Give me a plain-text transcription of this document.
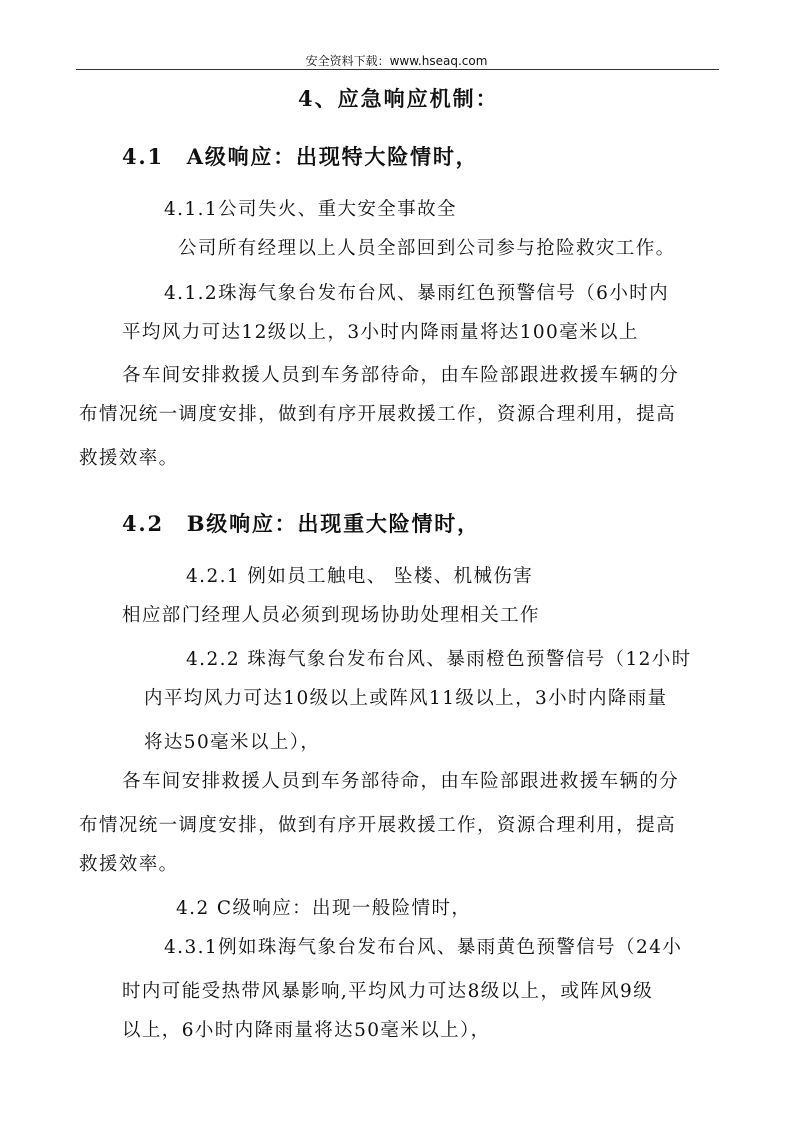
安全资料下载：www.hseaq.com
4、应急响应机制：
4.1　A级响应：出现特大险情时，
4.1.1公司失火、重大安全事故全
公司所有经理以上人员全部回到公司参与抢险救灾工作。
4.1.2珠海气象台发布台风、暴雨红色预警信号（6小时内
平均风力可达12级以上，3小时内降雨量将达100毫米以上
各车间安排救援人员到车务部待命，由车险部跟进救援车辆的分
布情况统一调度安排，做到有序开展救援工作，资源合理利用，提高
救援效率。
4.2　B级响应：出现重大险情时，
4.2.1 例如员工触电、 坠楼、机械伤害
相应部门经理人员必须到现场协助处理相关工作
4.2.2 珠海气象台发布台风、暴雨橙色预警信号（12小时
内平均风力可达10级以上或阵风11级以上，3小时内降雨量
将达50毫米以上），
各车间安排救援人员到车务部待命，由车险部跟进救援车辆的分
布情况统一调度安排，做到有序开展救援工作，资源合理利用，提高
救援效率。
4.2 C级响应：出现一般险情时，
4.3.1例如珠海气象台发布台风、暴雨黄色预警信号（24小
时内可能受热带风暴影响,平均风力可达8级以上，或阵风9级
以上，6小时内降雨量将达50毫米以上），
